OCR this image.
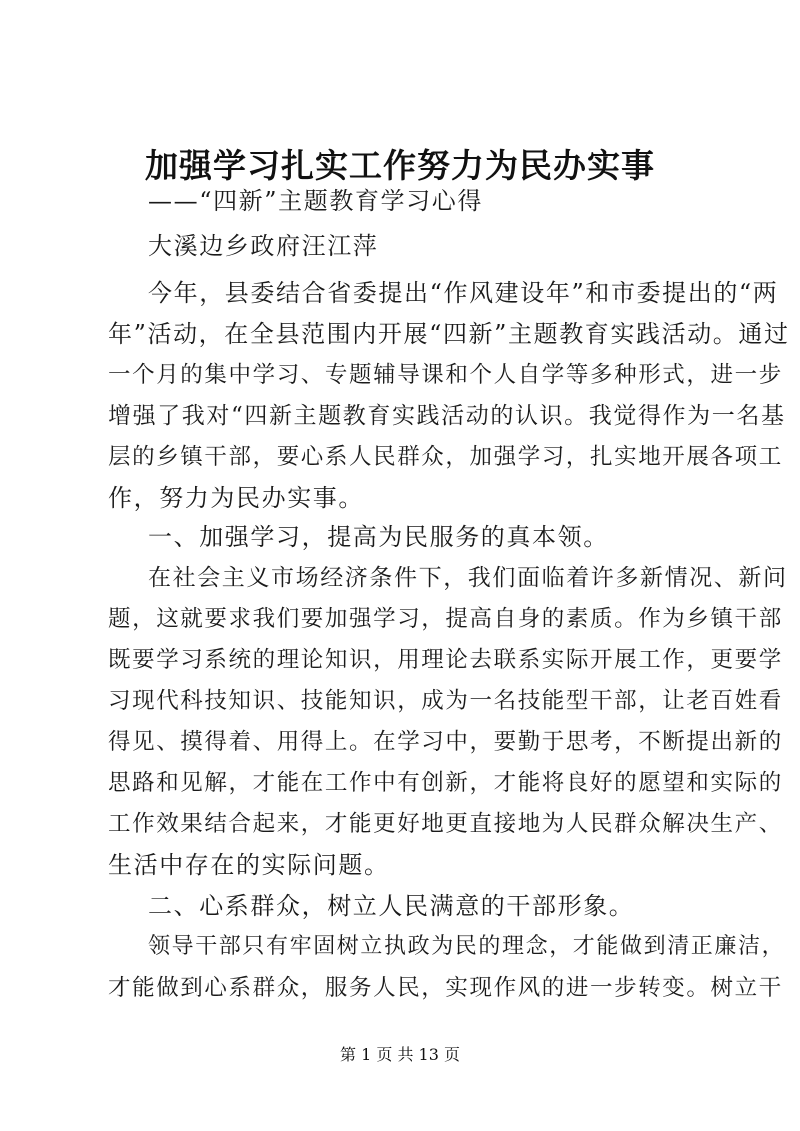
加强学习扎实工作努力为民办实事
——“四新”主题教育学习心得
大溪边乡政府汪江萍
今年，县委结合省委提出“作风建设年”和市委提出的“两
年”活动，在全县范围内开展“四新”主题教育实践活动。通过
一个月的集中学习、专题辅导课和个人自学等多种形式，进一步
增强了我对“四新主题教育实践活动的认识。我觉得作为一名基
层的乡镇干部，要心系人民群众，加强学习，扎实地开展各项工
作，努力为民办实事。
一、加强学习，提高为民服务的真本领。
在社会主义市场经济条件下，我们面临着许多新情况、新问
题，这就要求我们要加强学习，提高自身的素质。作为乡镇干部
既要学习系统的理论知识，用理论去联系实际开展工作，更要学
习现代科技知识、技能知识，成为一名技能型干部，让老百姓看
得见、摸得着、用得上。在学习中，要勤于思考，不断提出新的
思路和见解，才能在工作中有创新，才能将良好的愿望和实际的
工作效果结合起来，才能更好地更直接地为人民群众解决生产、
生活中存在的实际问题。
二、心系群众，树立人民满意的干部形象。
领导干部只有牢固树立执政为民的理念，才能做到清正廉洁，
才能做到心系群众，服务人民，实现作风的进一步转变。树立干
第 1 页 共 13 页
